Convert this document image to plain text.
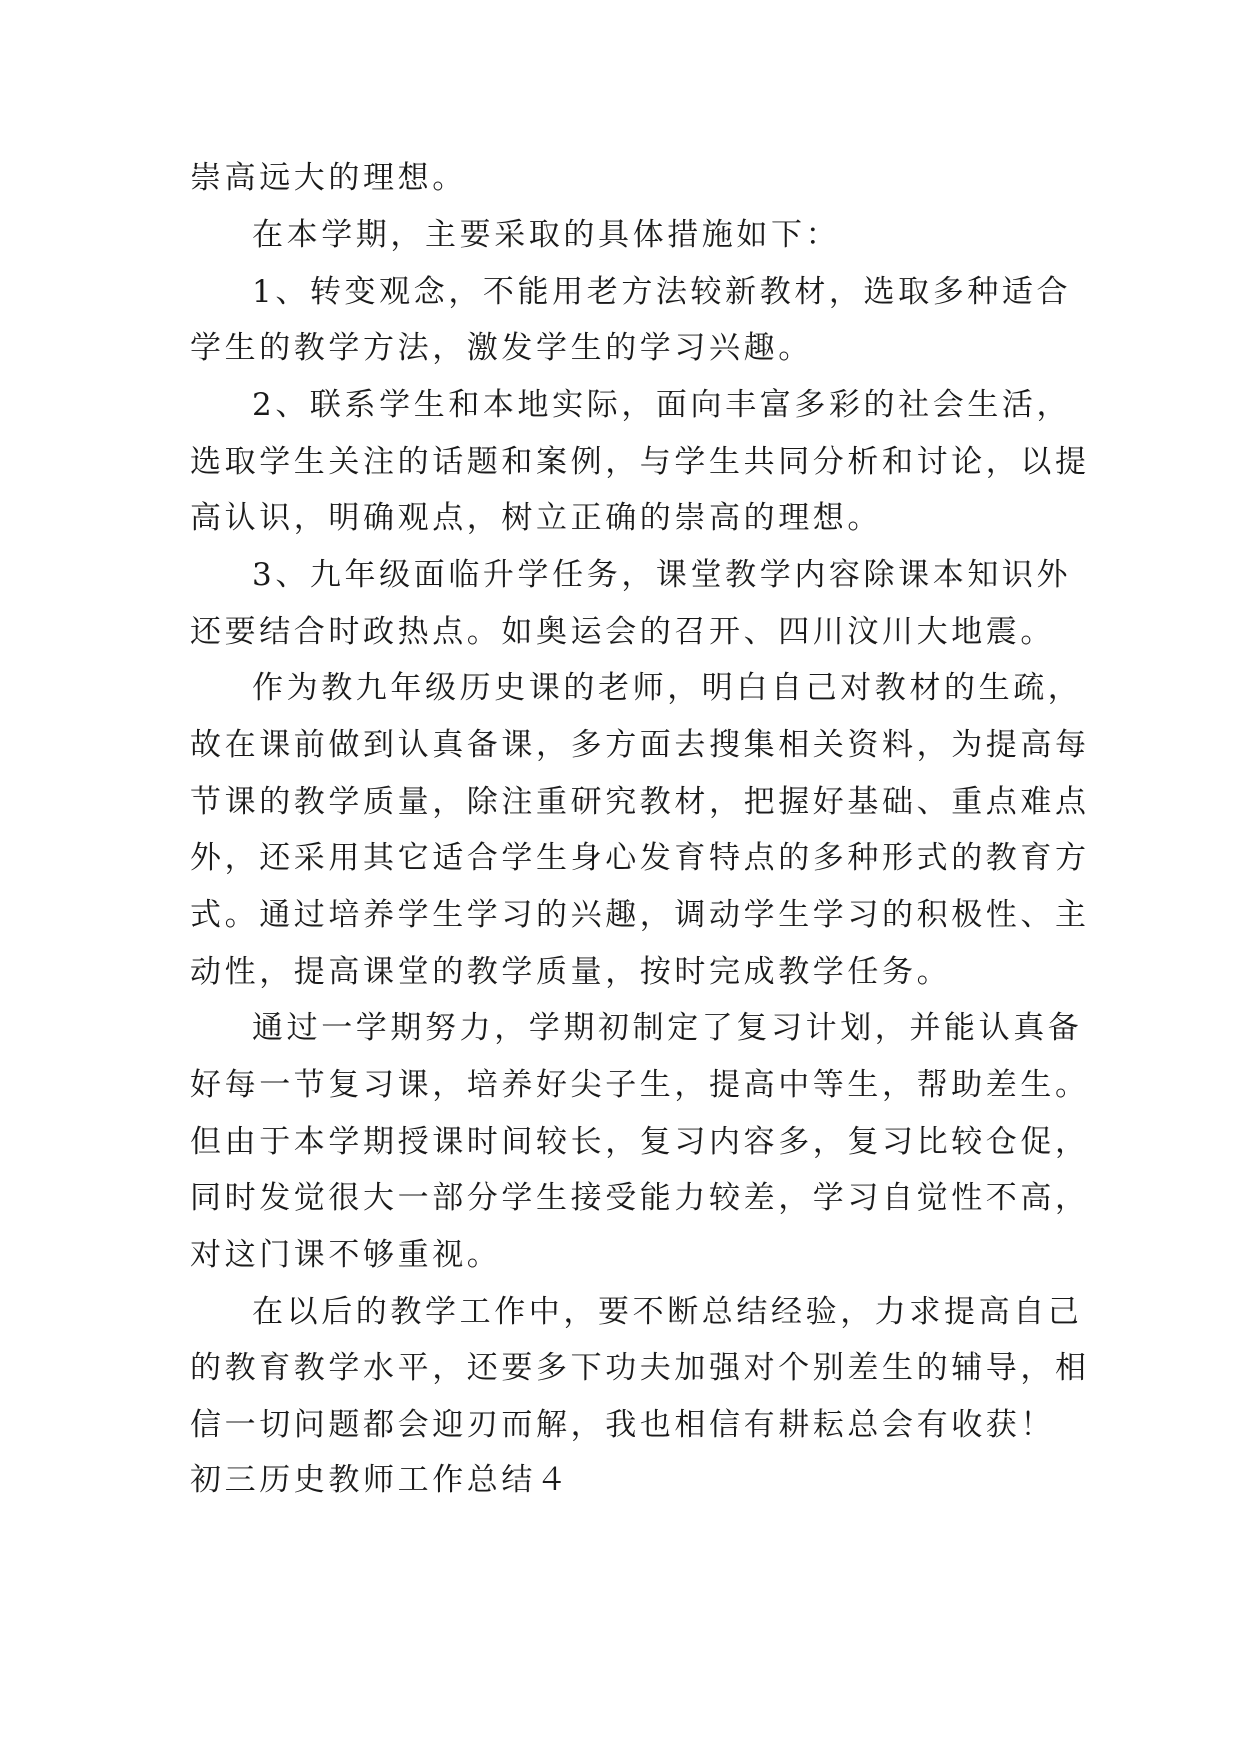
崇高远大的理想。
在本学期，主要采取的具体措施如下：
1、转变观念，不能用老方法较新教材，选取多种适合
学生的教学方法，激发学生的学习兴趣。
2、联系学生和本地实际，面向丰富多彩的社会生活，
选取学生关注的话题和案例，与学生共同分析和讨论，以提
高认识，明确观点，树立正确的崇高的理想。
3、九年级面临升学任务，课堂教学内容除课本知识外
还要结合时政热点。如奥运会的召开、四川汶川大地震。
作为教九年级历史课的老师，明白自己对教材的生疏，
故在课前做到认真备课，多方面去搜集相关资料，为提高每
节课的教学质量，除注重研究教材，把握好基础、重点难点
外，还采用其它适合学生身心发育特点的多种形式的教育方
式。通过培养学生学习的兴趣，调动学生学习的积极性、主
动性，提高课堂的教学质量，按时完成教学任务。
通过一学期努力，学期初制定了复习计划，并能认真备
好每一节复习课，培养好尖子生，提高中等生，帮助差生。
但由于本学期授课时间较长，复习内容多，复习比较仓促，
同时发觉很大一部分学生接受能力较差，学习自觉性不高，
对这门课不够重视。
在以后的教学工作中，要不断总结经验，力求提高自己
的教育教学水平，还要多下功夫加强对个别差生的辅导，相
信一切问题都会迎刃而解，我也相信有耕耘总会有收获！
初三历史教师工作总结４
